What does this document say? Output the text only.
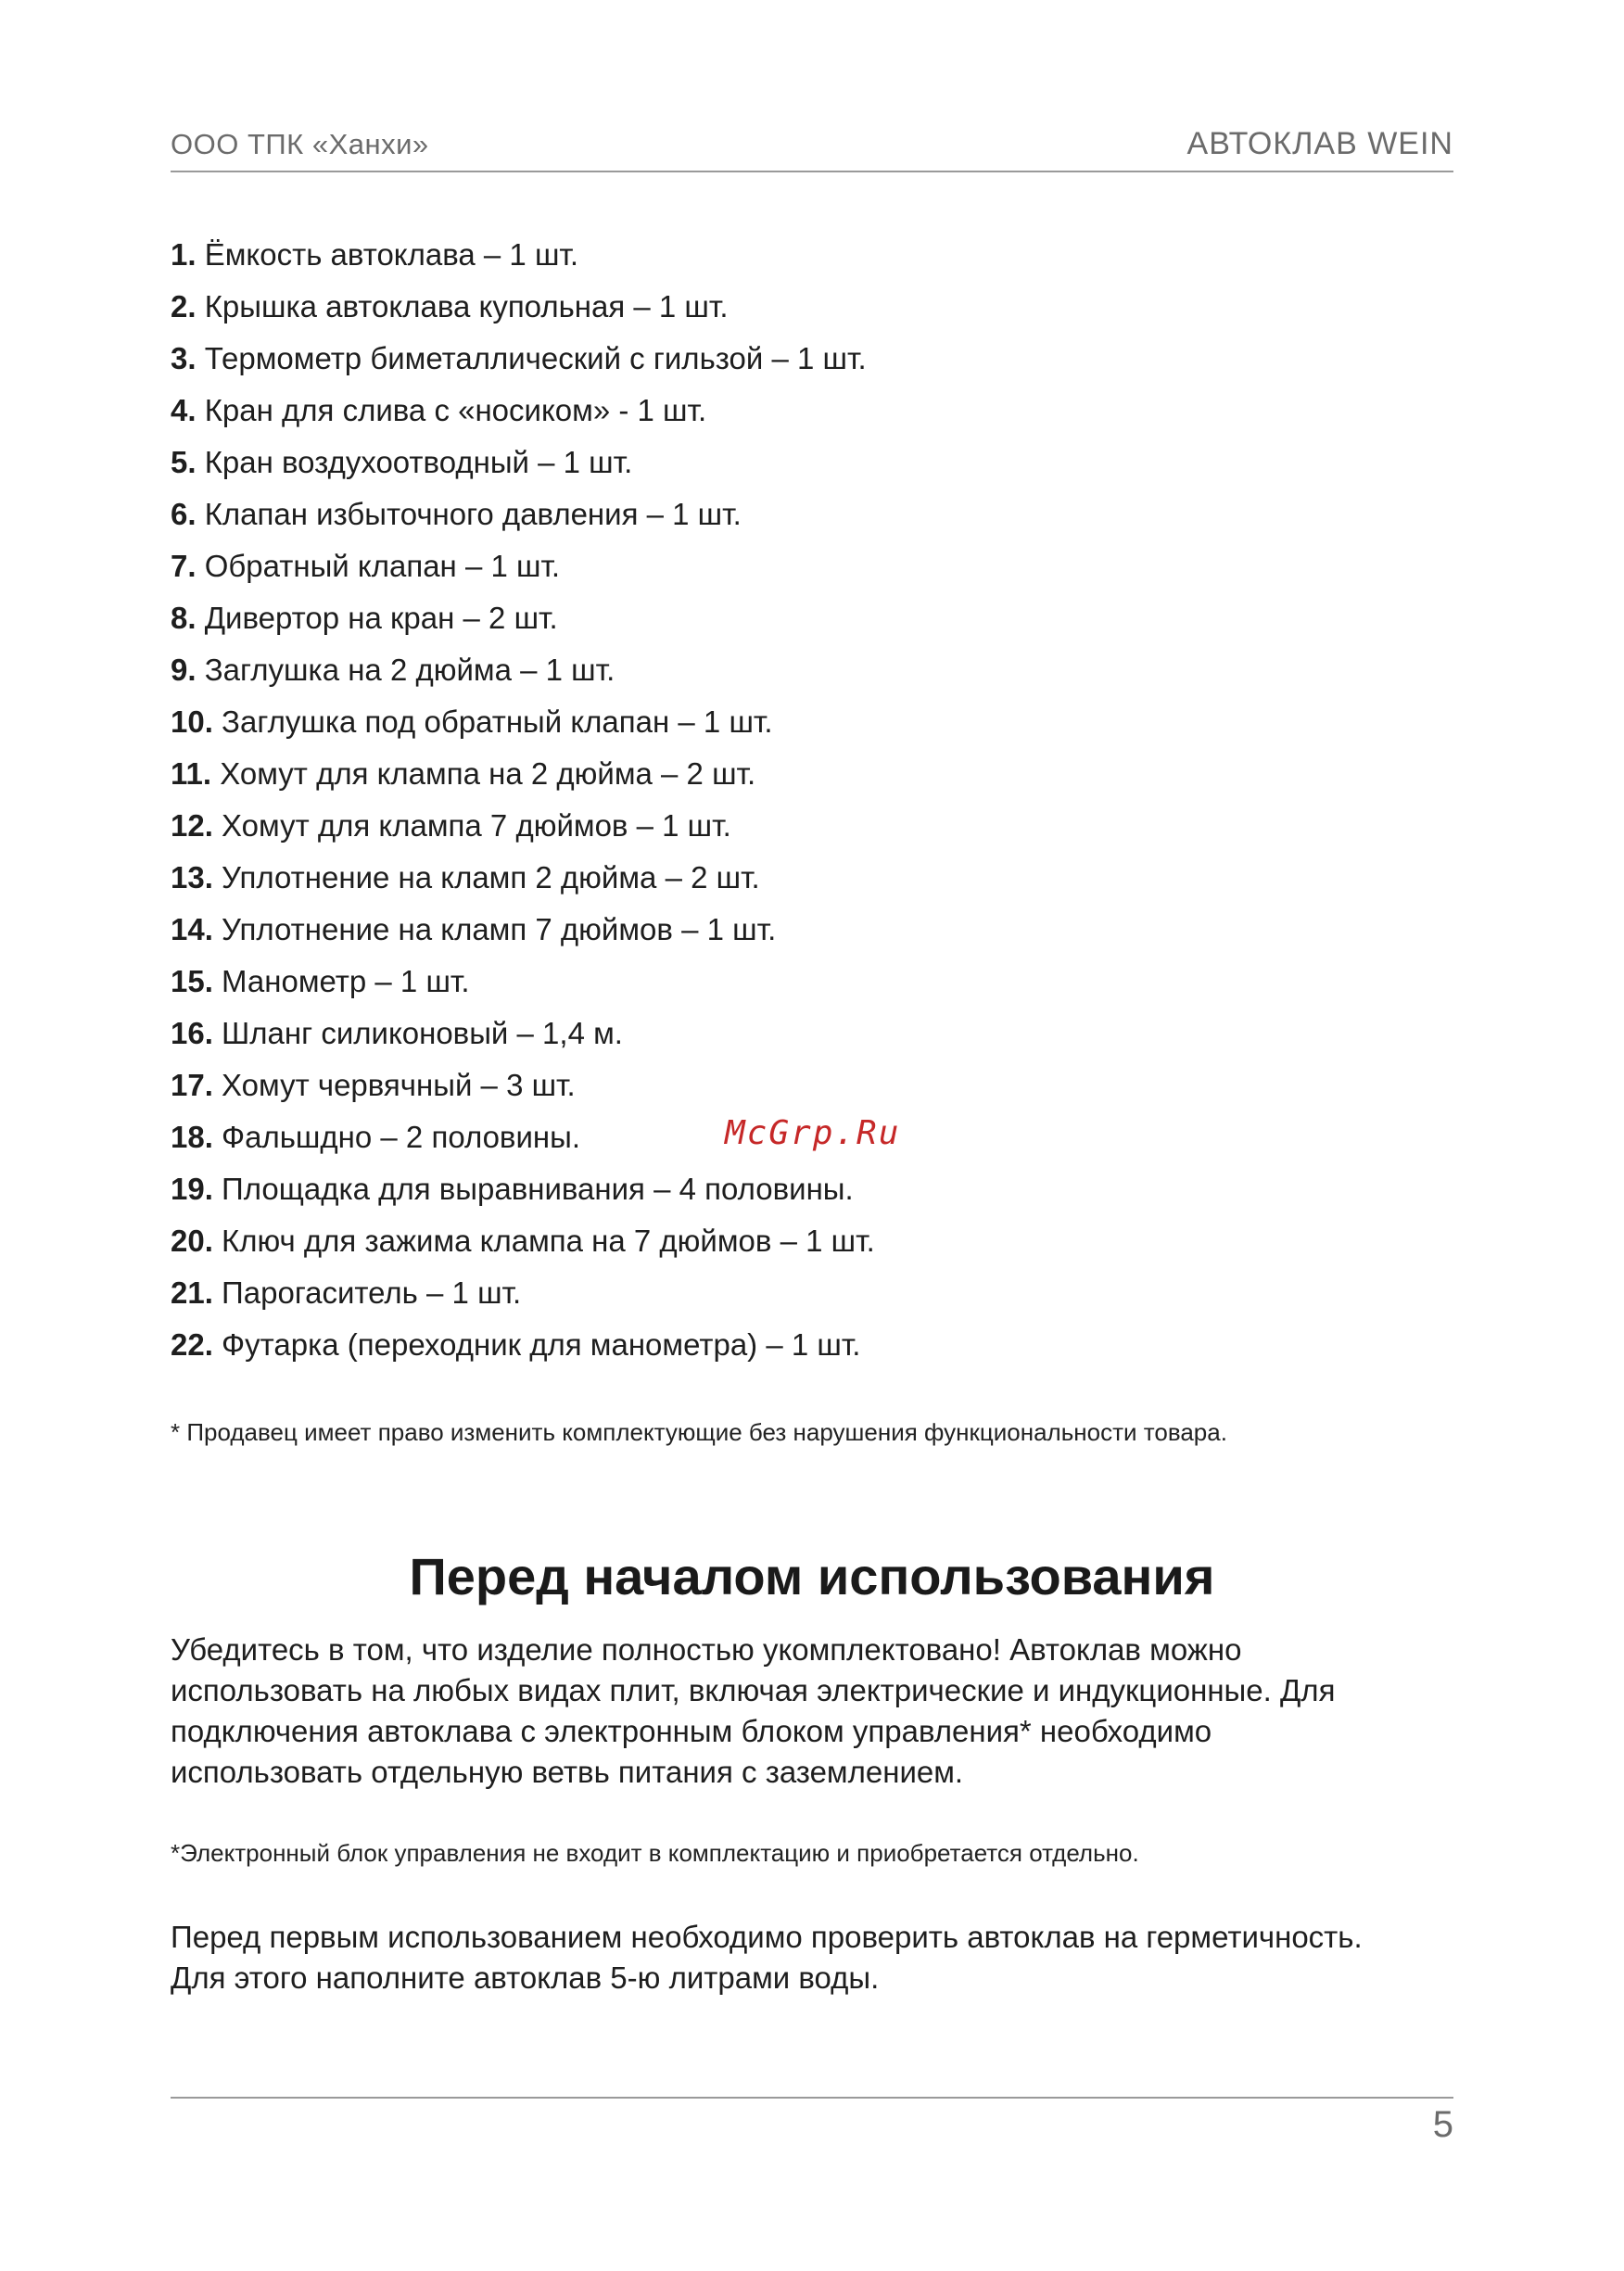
ООО ТПК «Ханхи»	АВТОКЛАВ WEIN
1. Ёмкость автоклава – 1 шт.
2. Крышка автоклава купольная – 1 шт.
3. Термометр биметаллический с гильзой – 1 шт.
4. Кран для слива с «носиком» - 1 шт.
5. Кран воздухоотводный – 1 шт.
6. Клапан избыточного давления – 1 шт.
7. Обратный клапан – 1 шт.
8. Дивертор на кран – 2 шт.
9. Заглушка на 2 дюйма – 1 шт.
10. Заглушка под обратный клапан – 1 шт.
11. Хомут для клампа на 2 дюйма – 2 шт.
12. Хомут для клампа 7 дюймов – 1 шт.
13. Уплотнение на кламп 2 дюйма – 2 шт.
14. Уплотнение на кламп 7 дюймов – 1 шт.
15. Манометр – 1 шт.
16. Шланг силиконовый – 1,4 м.
17. Хомут червячный – 3 шт.
18. Фальшдно – 2 половины.
19. Площадка для выравнивания – 4 половины.
20. Ключ для зажима клампа на 7 дюймов – 1 шт.
21. Парогаситель – 1 шт.
22. Футарка (переходник для манометра) – 1 шт.
McGrp.Ru
* Продавец имеет право изменить комплектующие без нарушения функциональности товара.
Перед началом использования
Убедитесь в том, что изделие полностью укомплектовано! Автоклав можно
использовать на любых видах плит, включая электрические и индукционные. Для
подключения автоклава с электронным блоком управления* необходимо
использовать отдельную ветвь питания с заземлением.
*Электронный блок управления не входит в комплектацию и приобретается отдельно.
Перед первым использованием необходимо проверить автоклав на герметичность.
Для этого наполните автоклав 5-ю литрами воды.
5
